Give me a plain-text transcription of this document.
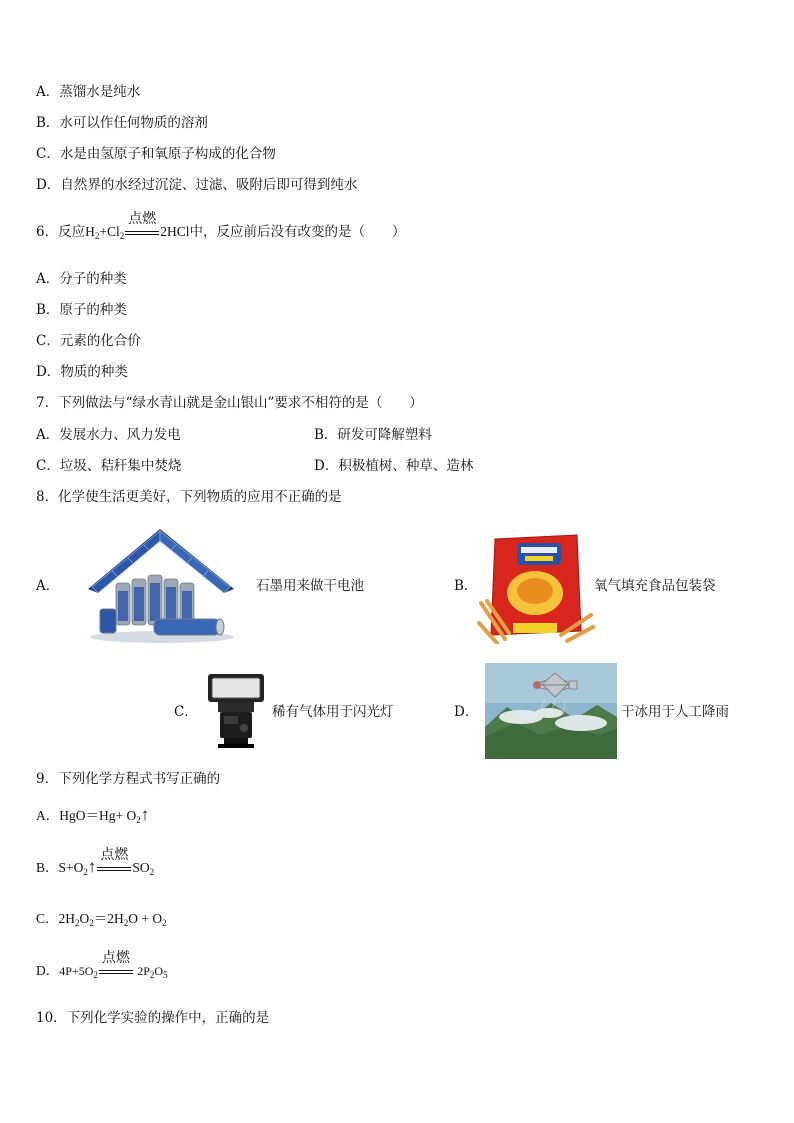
A．蒸馏水是纯水
B．水可以作任何物质的溶剂
C．水是由氢原子和氧原子构成的化合物
D．自然界的水经过沉淀、过滤、吸附后即可得到纯水
6．反应$H_2+Cl_2$
点燃
2HCl中，反应前后没有改变的是（　　）
A．分子的种类
B．原子的种类
C．元素的化合价
D．物质的种类
7．下列做法与“绿水青山就是金山银山”要求不相符的是（　　）
A．发展水力、风力发电	B．研发可降解塑料
C．垃圾、秸秆集中焚烧	D．积极植树、种草、造林
8．化学使生活更美好，下列物质的应用不正确的是
A．	石墨用来做干电池	B．	氧气填充食品包装袋
C．	稀有气体用于闪光灯	D．	干冰用于人工降雨
9．下列化学方程式书写正确的
A．$HgO=Hg+ O_2↑$
B．$S+O_2↑$
点燃
$SO_2$
C．$2H_2O_2=2H_2O + O_2$
D．$4P+5O_2$
点燃
$2P_2O_5$
10．下列化学实验的操作中，正确的是
